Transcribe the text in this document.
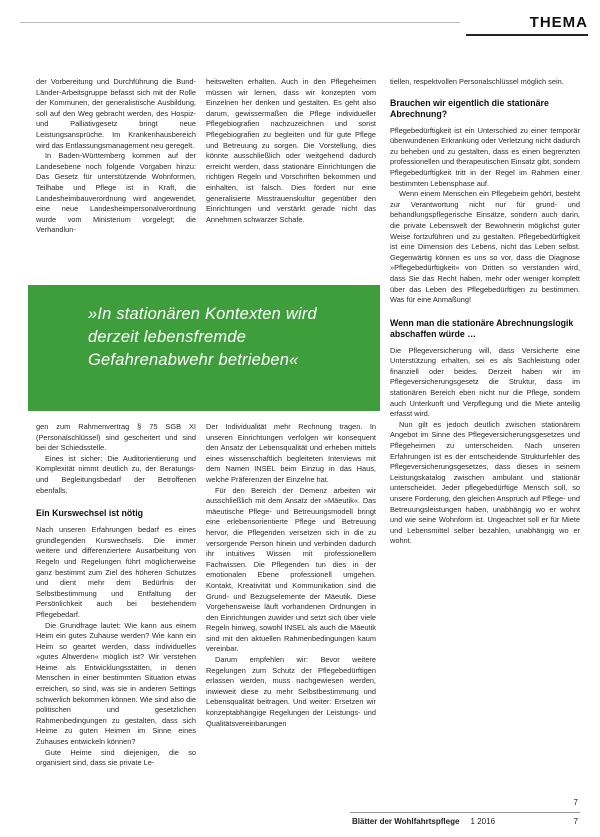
THEMA

der Vorbereitung und Durchführung die Bund-Länder-Arbeitsgruppe befasst sich mit der Rolle der Kommunen, der generalistische Ausbildung, soll auf den Weg gebracht werden, des Hospiz- und Palliativgesetz bringt neue Leistungsansprüche. Im Krankenhausbereich wird das Entlassungsmanagement neu geregelt.

In Baden-Württemberg kommen auf der Landesebene noch folgende Vorgaben hinzu: Das Gesetz für unterstützende Wohnformen, Teilhabe und Pflege ist in Kraft, die Landesheimbauverordnung wird angewendet, eine neue Landesheimpersonalverordnung wurde vom Ministerium vorgelegt; die Verhandlun-

heitswelten erhalten. Auch in den Pflegeheimen müssen wir lernen, dass wir konzepten vom Einzelnen her denken und gestalten. Es geht also darum, gewissermaßen die Pflege individueller Pflegebiografien nachzuzeichnen und sonst Pflegebiografien zu begleiten und für gute Pflege und Betreuung zu sorgen. Die Vorstellung, dies könnte ausschließlich oder weitgehend dadurch erreicht werden, dass stationäre Einrichtungen die richtigen Regeln und Vorschriften bekommen und einhalten, ist falsch. Dies fördert nur eine generalisierte Misstrauenskultur gegenüber den Einrichtungen und verstärkt gerade nicht das Annehmen schwarzer Schafe.

tiellen, respektvollen Personalschlüssel möglich sein.

Brauchen wir eigentlich die stationäre Abrechnung?

Pflegebedürftigkeit ist ein Unterschied zu einer temporär überwundenen Erkrankung oder Verletzung nicht dadurch zu beheben und zu gestalten, dass es einen begrenzten professionellen und therapeutischen Einsatz gibt, sondern Pflegebedürftigkeit tritt in der Regel im Rahmen einer bestimmten Lebensphase auf.

Wenn einem Menschen ein Pflegebeim gehört, besteht zur Verantwortung nicht nur für grund- und behandlungspflegerische Einsätze, sondern auch darin, die private Lebenswelt der Bewohnerin möglichst guter Weise fortzuführen und zu gestalten. Pflegebedürftigkeit ist eine Dimension des Lebens, nicht das Leben selbst. Gegenwärtig können es uns so vor, dass die Diagnose »Pflegebedürftigkeit« von Dritten so verstanden wird, dass Sie das Recht haben, mehr oder weniger komplett über das Leben des Pflegebedürftigen zu bestimmen. Was für eine Anmaßung!

Wenn man die stationäre Abrechnungslogik abschaffen würde …

Die Pflegeversicherung will, dass Versicherte eine Unterstützung erhalten, sei es als Sachleistung oder finanziell oder beides. Derzeit haben wir im Pflegeversicherungsgesetz die Struktur, dass im stationären Bereich eben nicht nur die Pflege, sondern auch Unterkunft und Verpflegung und die Miete anteilig erfasst wird.

Nun gilt es jedoch deutlich zwischen stationärem Angebot im Sinne des Pflegeversicherungsgesetzes und Pflegeheimen zu unterscheiden. Nach unseren Erfahrungen ist es der entscheidende Strukturfehler des Pflegeversicherungsgesetzes, dass dieses in seinem Leistungskatalog zwischen ambulant und stationär unterscheidet. Jeder pflegebedürftige Mensch soll, so unsere Forderung, den gleichen Anspruch auf Pflege- und Betreuungsleistungen haben, unabhängig wo er wohnt und wie seine Wohnform ist. Ungeachtet soll er für Miete und Lebensmittel selber bezahlen, unabhängig wo er wohnt.

»In stationären Kontexten wird

derzeit lebensfremde

Gefahrenabwehr betrieben«

gen zum Rahmenvertrag § 75 SGB XI (Personalschlüssel) sind gescheitert und sind bei der Schiedsstelle.

Eines ist sicher: Die Auditorientierung und Komplexität nimmt deutlich zu, der Beratungs- und Begleitungsbedarf der Betroffenen ebenfalls.

Ein Kurswechsel ist nötig

Nach unseren Erfahrungen bedarf es eines grundlegenden Kurswechsels. Die immer weitere und differenziertere Ausarbeitung von Regeln und Regelungen führt möglicherweise ganz bestimmt zum Ziel des höheren Schutzes und dient mehr dem Bedürfnis der Selbstbestimmung und Entfaltung der Persönlichkeit auch bei bestehendem Pflegebedarf.

Die Grundfrage lautet: Wie kann aus einem Heim ein gutes Zuhause werden? Wie kann ein Heim so geartet werden, dass individuelles »gutes Altwerden« möglich ist? Wir verstehen Heime als Entwicklungsstätten, in denen Menschen in einer bestimmten Situation etwas erreichen, so sind, was sie in anderen Settings schwerlich bekommen können. Wie sind also die politischen und gesetzlichen Rahmenbedingungen zu gestalten, dass sich Heime zu guten Heimen im Sinne eines Zuhauses entwickeln können?

Gute Heime sind diejenigen, die so organisiert sind, dass sie private Le-

Der Individualität mehr Rechnung tragen. In unseren Einrichtungen verfolgen wir konsequent den Ansatz der Lebensqualität und erheben mittels eines wissenschaftlich begleiteten Interviews mit dem Namen INSEL beim Einzug in das Haus, welche Präferenzen der Einzelne hat.

Für den Bereich der Demenz arbeiten wir ausschließlich mit dem Ansatz der »Mäeutik«. Das mäeutische Pflege- und Betreuungsmodell bringt eine erlebensorientierte Pflege und Betreuung hervor, die Pflegenden versetzen sich in die zu versorgende Person hinein und verbinden dadurch ihr intuitives Wissen mit professionellem Fachwissen. Die Pflegenden tun dies in der emotionalen Ebene professionell umgehen. Kontakt, Kreativität und Kommunikation sind die Grund- und Bezugselemente der Mäeutik. Diese Vorgehensweise läuft vorhandenen Ordnungen in den Einrichtungen zuwider und setzt sich über viele Regeln hinweg, sowohl INSEL als auch die Mäeutik sind mit den aktuellen Rahmenbedingungen kaum vereinbar.

Darum empfehlen wir: Bevor weitere Regelungen zum Schutz der Pflegebedürftigen erlassen werden, muss nachgewiesen werden, inwieweit diese zu mehr Selbstbestimmung und Lebensqualität beitragen. Und weiter: Ersetzen wir konzeptabhängige Regelungen der Leistungs- und Qualitätsvereinbarungen

7
Blätter der Wohlfahrtspflege 1 2016	7
